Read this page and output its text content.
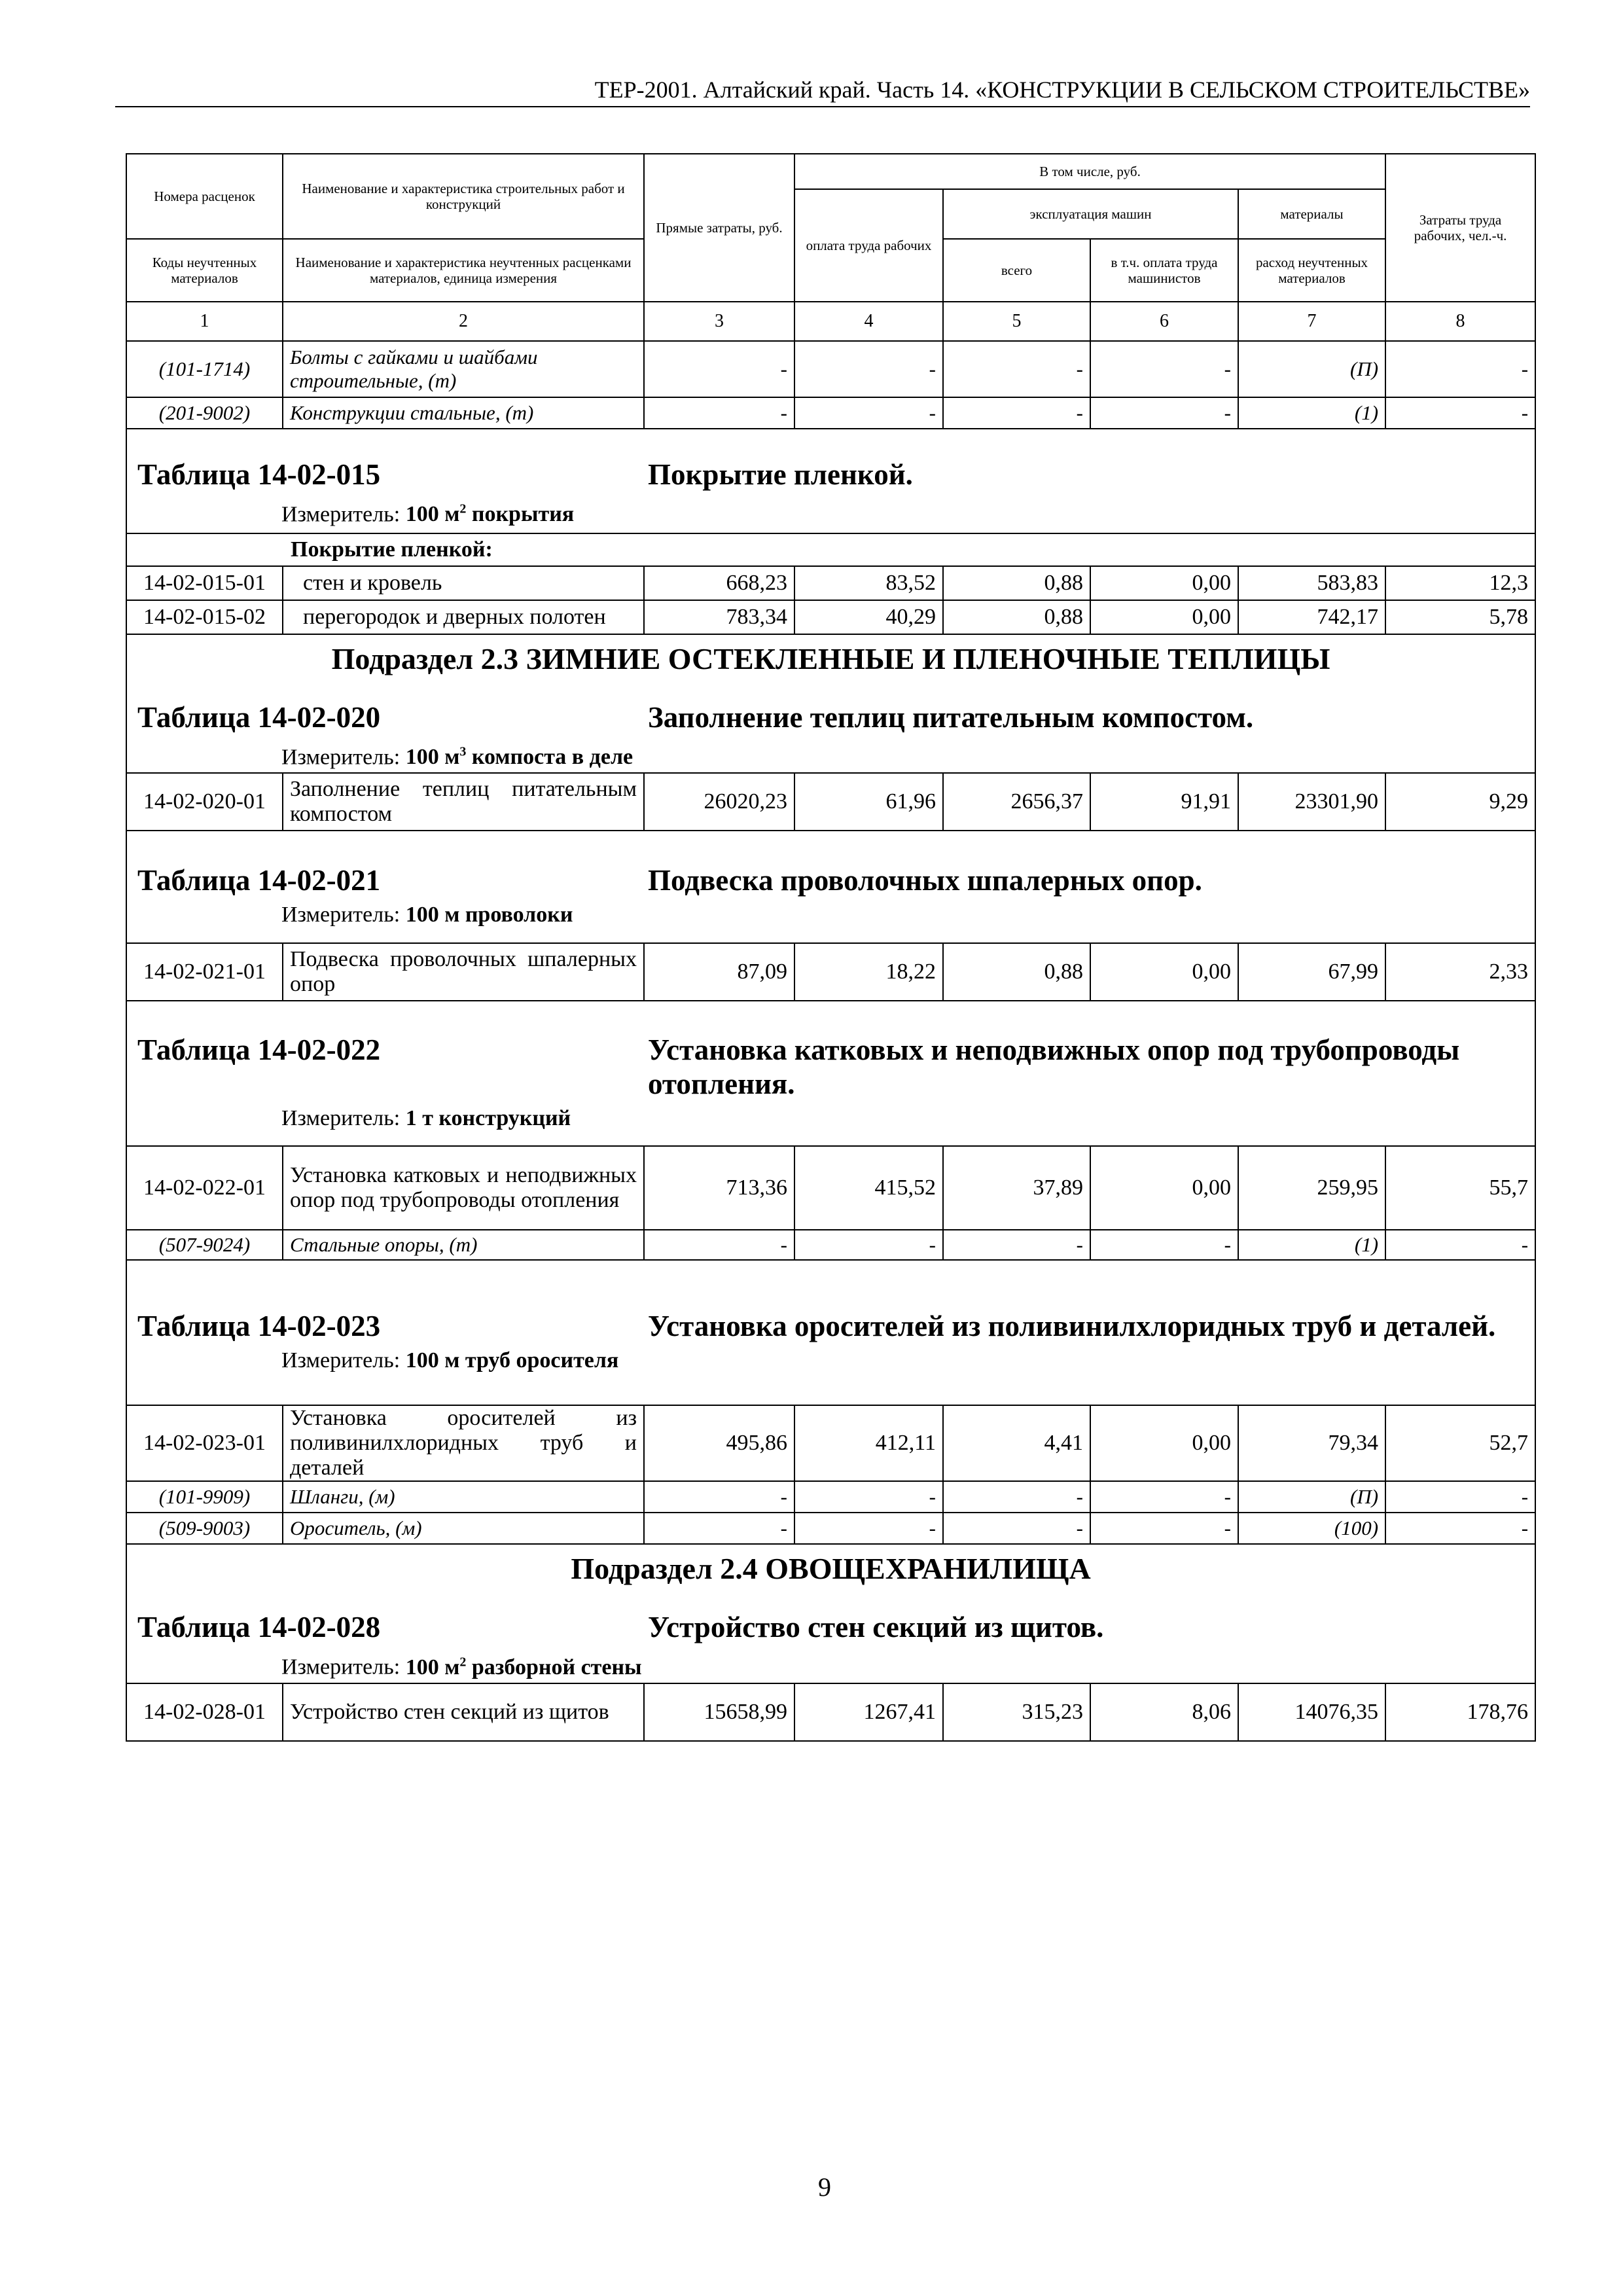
ТЕР-2001. Алтайский край. Часть 14. «КОНСТРУКЦИИ В СЕЛЬСКОМ СТРОИТЕЛЬСТВЕ»
Номера расценок	Наименование и характеристика строительных работ и конструкций	Прямые затраты, руб.	В том числе, руб.				Затраты труда рабочих, чел.-ч.
			оплата труда рабочих	эксплуатация машин		материалы	
Коды неучтенных материалов	Наименование и характеристика неучтенных расценками материалов, единица измерения			всего	в т.ч. оплата труда машинистов	расход неучтенных материалов	
1	2	3	4	5	6	7	8
(101-1714)	Болты с гайками и шайбами строительные, (т)	-	-	-	-	(П)	-
(201-9002)	Конструкции стальные, (т)	-	-	-	-	(1)	-

Таблица 14-02-015 Покрытие пленкой.
Измеритель: 100 $м^2$ покрытия							

	Покрытие пленкой:						
14-02-015-01	стен и кровель	668,23	83,52	0,88	0,00	583,83	12,3
14-02-015-02	перегородок и дверных полотен	783,34	40,29	0,88	0,00	742,17	5,78

Подраздел 2.3 ЗИМНИЕ ОСТЕКЛЕННЫЕ И ПЛЕНОЧНЫЕ ТЕПЛИЦЫ
Таблица 14-02-020 Заполнение теплиц питательным компостом.
Измеритель: 100 $м^3$ компоста в деле							

14-02-020-01	Заполнение теплиц питательным компостом	26020,23	61,96	2656,37	91,91	23301,90	9,29

Таблица 14-02-021 Подвеска проволочных шпалерных опор.
Измеритель: 100 м проволоки							

14-02-021-01	Подвеска проволочных шпалерных опор	87,09	18,22	0,88	0,00	67,99	2,33

Таблица 14-02-022 Установка катковых и неподвижных опор под трубопроводы отопления.
Измеритель: 1 т конструкций							

14-02-022-01	Установка катковых и неподвижных опор под трубопроводы отопления	713,36	415,52	37,89	0,00	259,95	55,7
(507-9024)	Стальные опоры, (т)	-	-	-	-	(1)	-

Таблица 14-02-023 Установка оросителей из поливинилхлоридных труб и деталей.
Измеритель: 100 м труб оросителя							

14-02-023-01	Установка оросителей из поливинилхлоридных труб и деталей	495,86	412,11	4,41	0,00	79,34	52,7
(101-9909)	Шланги, (м)	-	-	-	-	(П)	-
(509-9003)	Ороситель, (м)	-	-	-	-	(100)	-

Подраздел 2.4 ОВОЩЕХРАНИЛИЩА
Таблица 14-02-028 Устройство стен секций из щитов.
Измеритель: 100 $м^2$ разборной стены							

14-02-028-01	Устройство стен секций из щитов	15658,99	1267,41	315,23	8,06	14076,35	178,76
9
